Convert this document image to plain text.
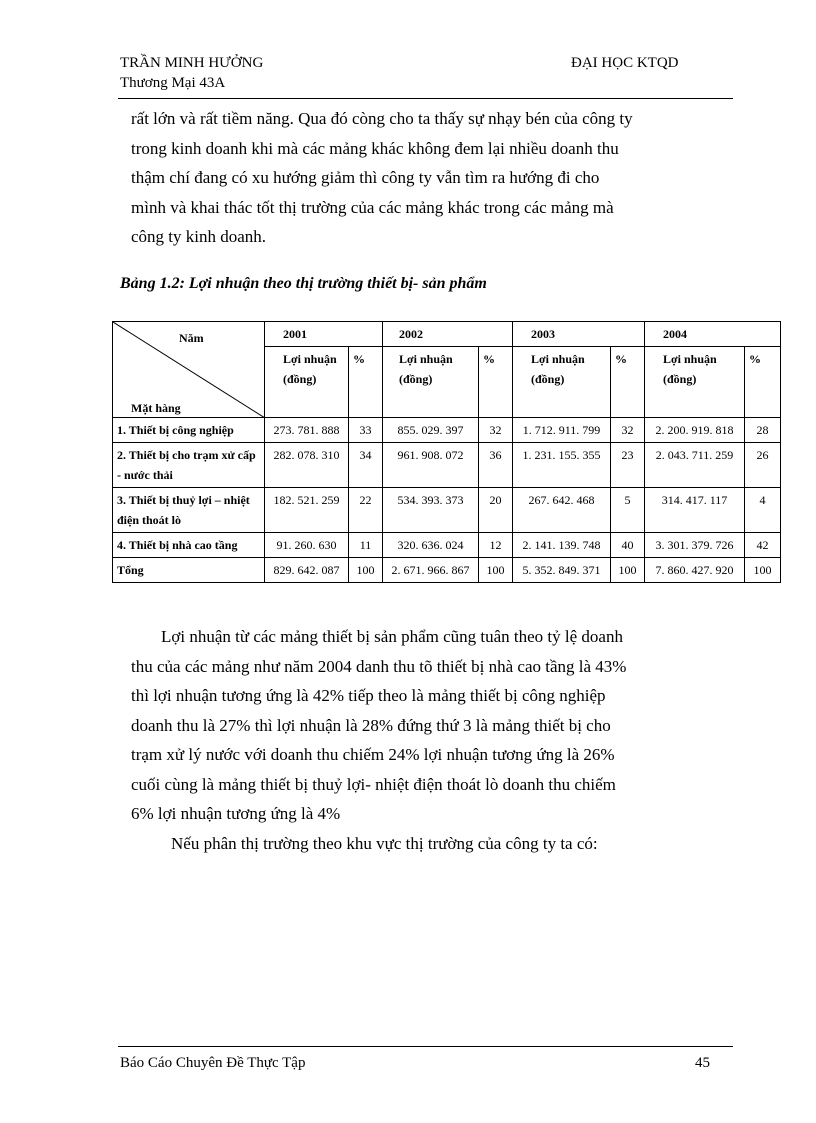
TRẦN MINH HƯỞNG
Thương Mại 43A
ĐẠI HỌC KTQD
rất lớn và rất tiềm năng. Qua đó còng cho ta thấy sự nhạy bén của công ty
trong kinh doanh khi mà các mảng khác không đem lại nhiều doanh thu
thậm chí đang có xu hướng giảm thì công ty vẫn tìm ra hướng đi cho
mình và khai thác tốt thị trường của các mảng khác trong các mảng mà
công ty kinh doanh.
Bảng 1.2: Lợi nhuận theo thị trường thiết bị- sản phẩm
Năm
Mặt hàng	2001		2002		2003		2004	
	Lợi nhuận (đồng)	%	Lợi nhuận (đồng)	%	Lợi nhuận (đồng)	%	Lợi nhuận (đồng)	%
1. Thiết bị công nghiệp	273. 781. 888	33	855. 029. 397	32	1. 712. 911. 799	32	2. 200. 919. 818	28
2. Thiết bị cho trạm xử cấp - nước thải	282. 078. 310	34	961. 908. 072	36	1. 231. 155. 355	23	2. 043. 711. 259	26
3. Thiết bị thuỷ lợi – nhiệt điện thoát lò	182. 521. 259	22	534. 393. 373	20	267. 642. 468	5	314. 417. 117	4
4. Thiết bị nhà cao tầng	91. 260. 630	11	320. 636. 024	12	2. 141. 139. 748	40	3. 301. 379. 726	42
Tổng	829. 642. 087	100	2. 671. 966. 867	100	5. 352. 849. 371	100	7. 860. 427. 920	100
Lợi nhuận từ các mảng thiết bị sản phẩm cũng tuân theo tỷ lệ doanh
thu của các mảng như năm 2004 danh thu tõ thiết bị nhà cao tầng là 43%
thì lợi nhuận tương ứng là 42% tiếp theo là mảng thiết bị công nghiệp
doanh thu là 27% thì lợi nhuận là 28% đứng thứ 3 là mảng thiết bị cho
trạm xử lý nước với doanh thu chiếm 24% lợi nhuận tương ứng là 26%
cuối cùng là mảng thiết bị thuỷ lợi- nhiệt điện thoát lò doanh thu chiếm
6% lợi nhuận tương ứng là 4%
Nếu phân thị trường theo khu vực thị trường của công ty ta có:
Báo Cáo Chuyên Đề Thực Tập	45
